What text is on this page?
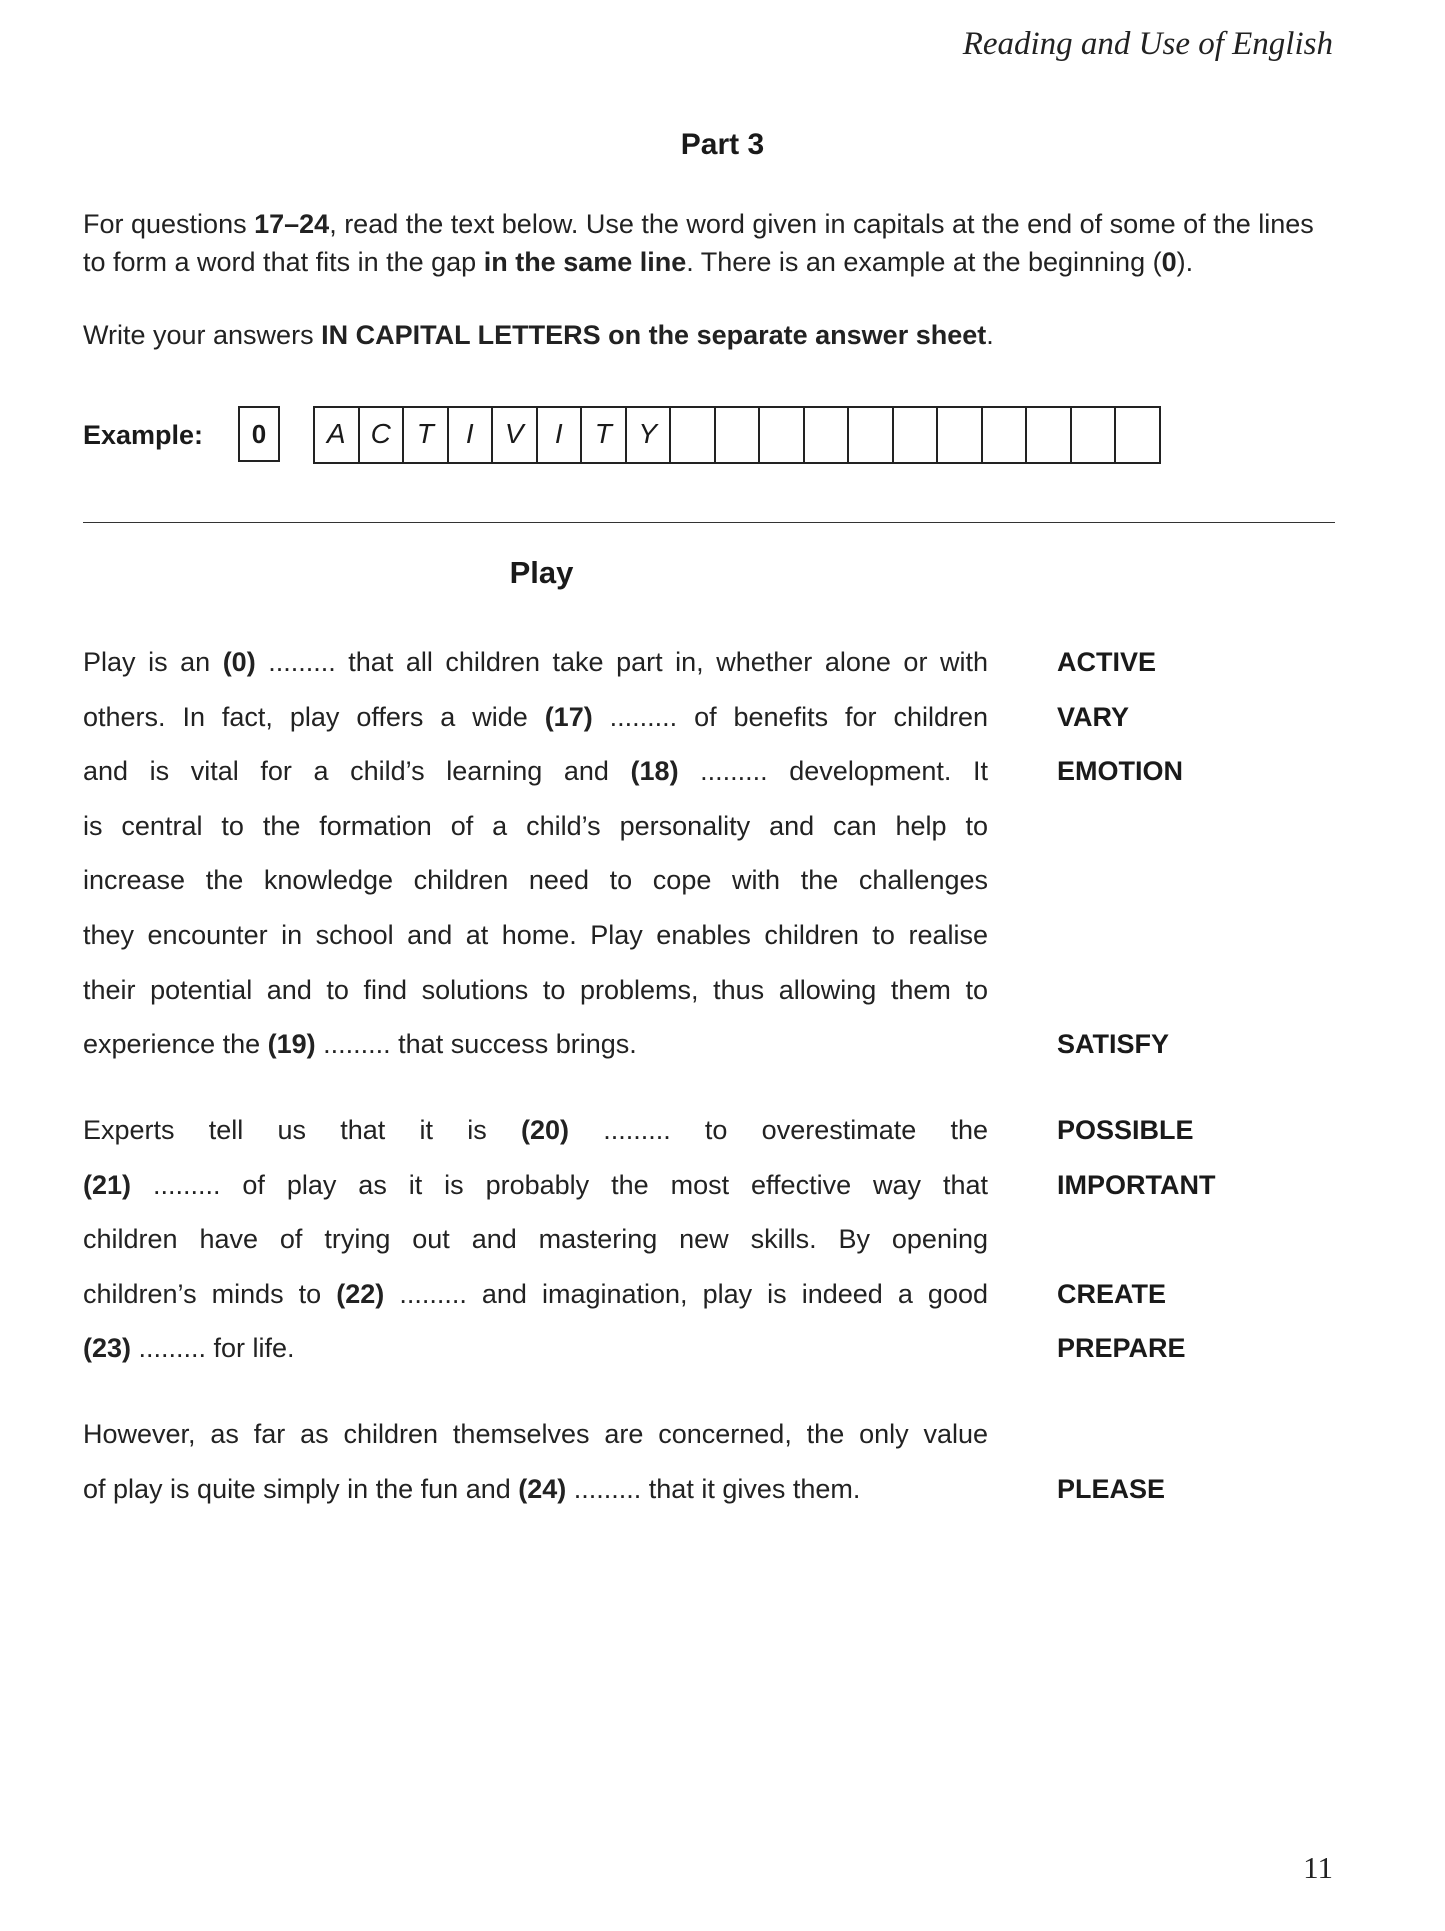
Reading and Use of English
Part 3
For questions 17–24, read the text below. Use the word given in capitals at the end of some of the lines to form a word that fits in the gap in the same line. There is an example at the beginning (0).
Write your answers IN CAPITAL LETTERS on the separate answer sheet.
Example:	0	A C T	I	V	I	T Y
Play
Play is an (0) ......... that all children take part in, whether alone or with	ACTIVE
others. In fact, play offers a wide (17) ......... of benefits for children	VARY
and is vital for a child’s learning and (18) ......... development. It	EMOTION
is central to the formation of a child’s personality and can help to
increase the knowledge children need to cope with the challenges
they encounter in school and at home. Play enables children to realise
their potential and to find solutions to problems, thus allowing them to
experience the (19) ......... that success brings.	SATISFY
Experts tell us that it is (20) ......... to overestimate the	POSSIBLE
(21) ......... of play as it is probably the most effective way that	IMPORTANT
children have of trying out and mastering new skills. By opening
children’s minds to (22) ......... and imagination, play is indeed a good	CREATE
(23) ......... for life.	PREPARE
However, as far as children themselves are concerned, the only value
of play is quite simply in the fun and (24) ......... that it gives them.	PLEASE
11
